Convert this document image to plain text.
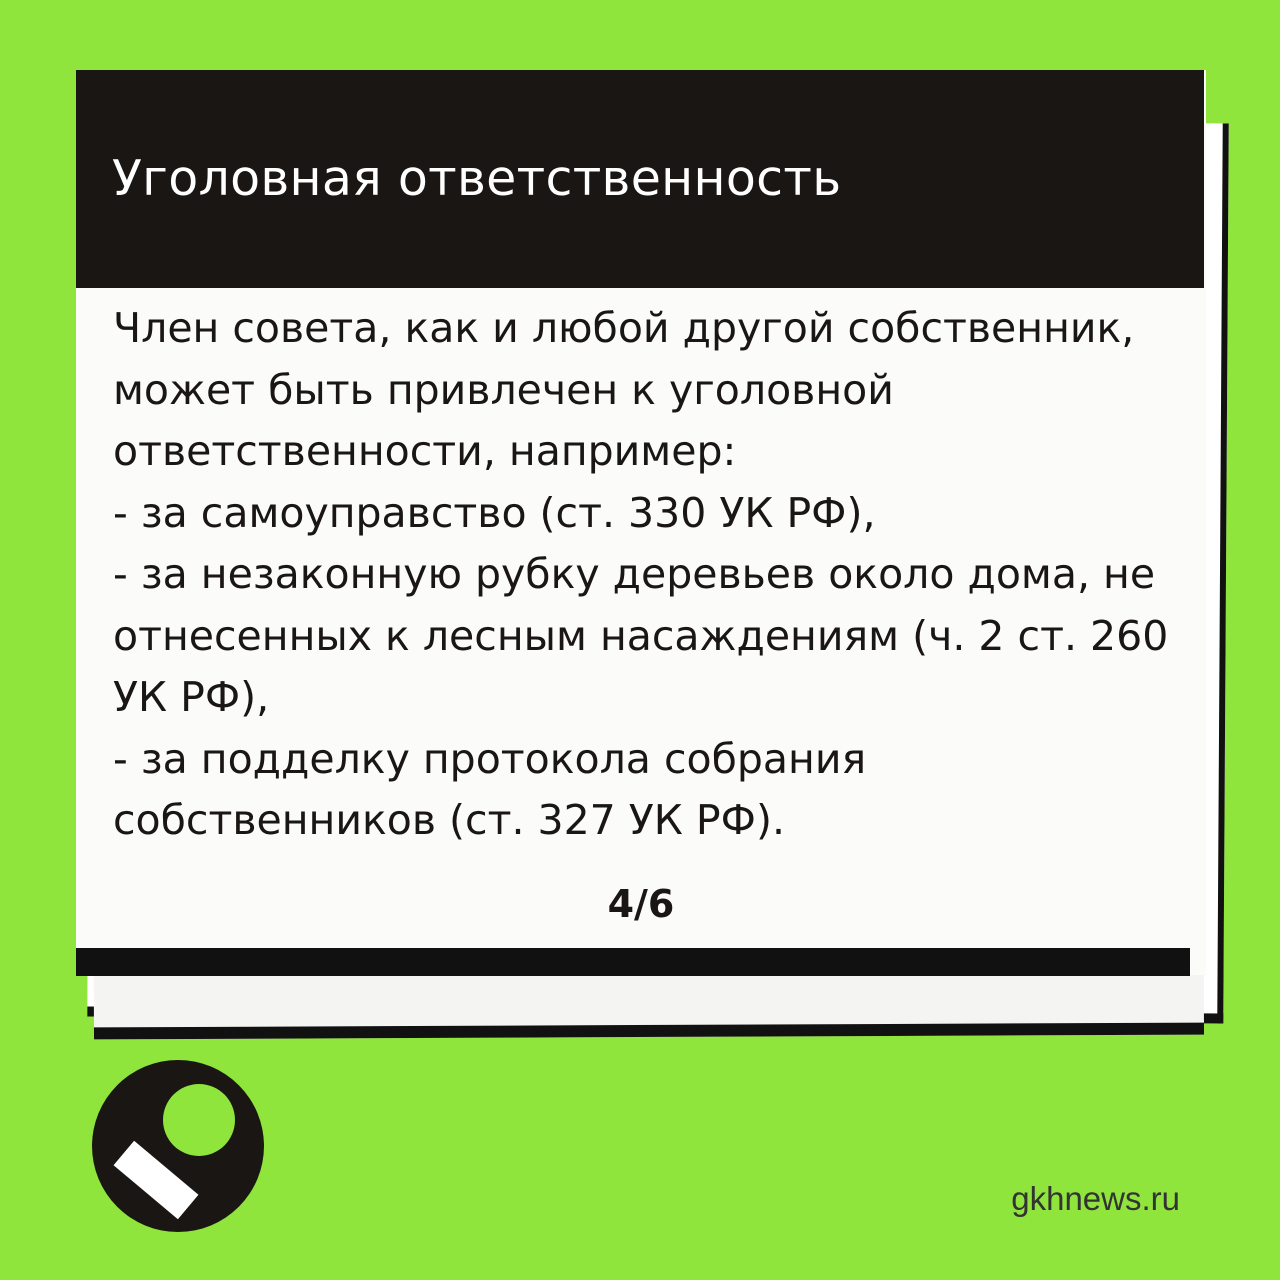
Уголовная ответственность
Член совета, как и любой другой собственник,
может быть привлечен к уголовной
ответственности, например:
- за самоуправство (ст. 330 УК РФ),
- за незаконную рубку деревьев около дома, не
отнесенных к лесным насаждениям (ч. 2 ст. 260
УК РФ),
- за подделку протокола собрания
собственников (ст. 327 УК РФ).
4/6
gkhnews.ru
